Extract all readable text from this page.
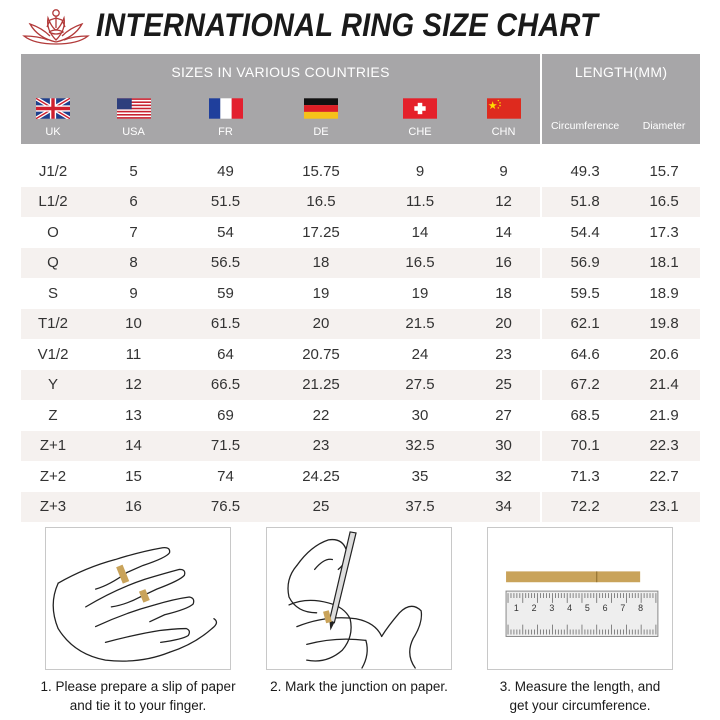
INTERNATIONAL RING SIZE CHART
SIZES IN VARIOUS COUNTRIES						LENGTH(MM)	

UK	USA	FR	DE	CHE	CHN	Circumference	Diameter

J1/2	5	49	15.75	9	9	49.3	15.7
L1/2	6	51.5	16.5	11.5	12	51.8	16.5
O	7	54	17.25	14	14	54.4	17.3
Q	8	56.5	18	16.5	16	56.9	18.1
S	9	59	19	19	18	59.5	18.9
T1/2	10	61.5	20	21.5	20	62.1	19.8
V1/2	11	64	20.75	24	23	64.6	20.6
Y	12	66.5	21.25	27.5	25	67.2	21.4
Z	13	69	22	30	27	68.5	21.9
Z+1	14	71.5	23	32.5	30	70.1	22.3
Z+2	15	74	24.25	35	32	71.3	22.7
Z+3	16	76.5	25	37.5	34	72.2	23.1
1 2 3 4 5 6 7 8
1. Please prepare a slip of paper
and tie it to your finger.
2. Mark the junction on paper.	3. Measure the length, and
get your circumference.
